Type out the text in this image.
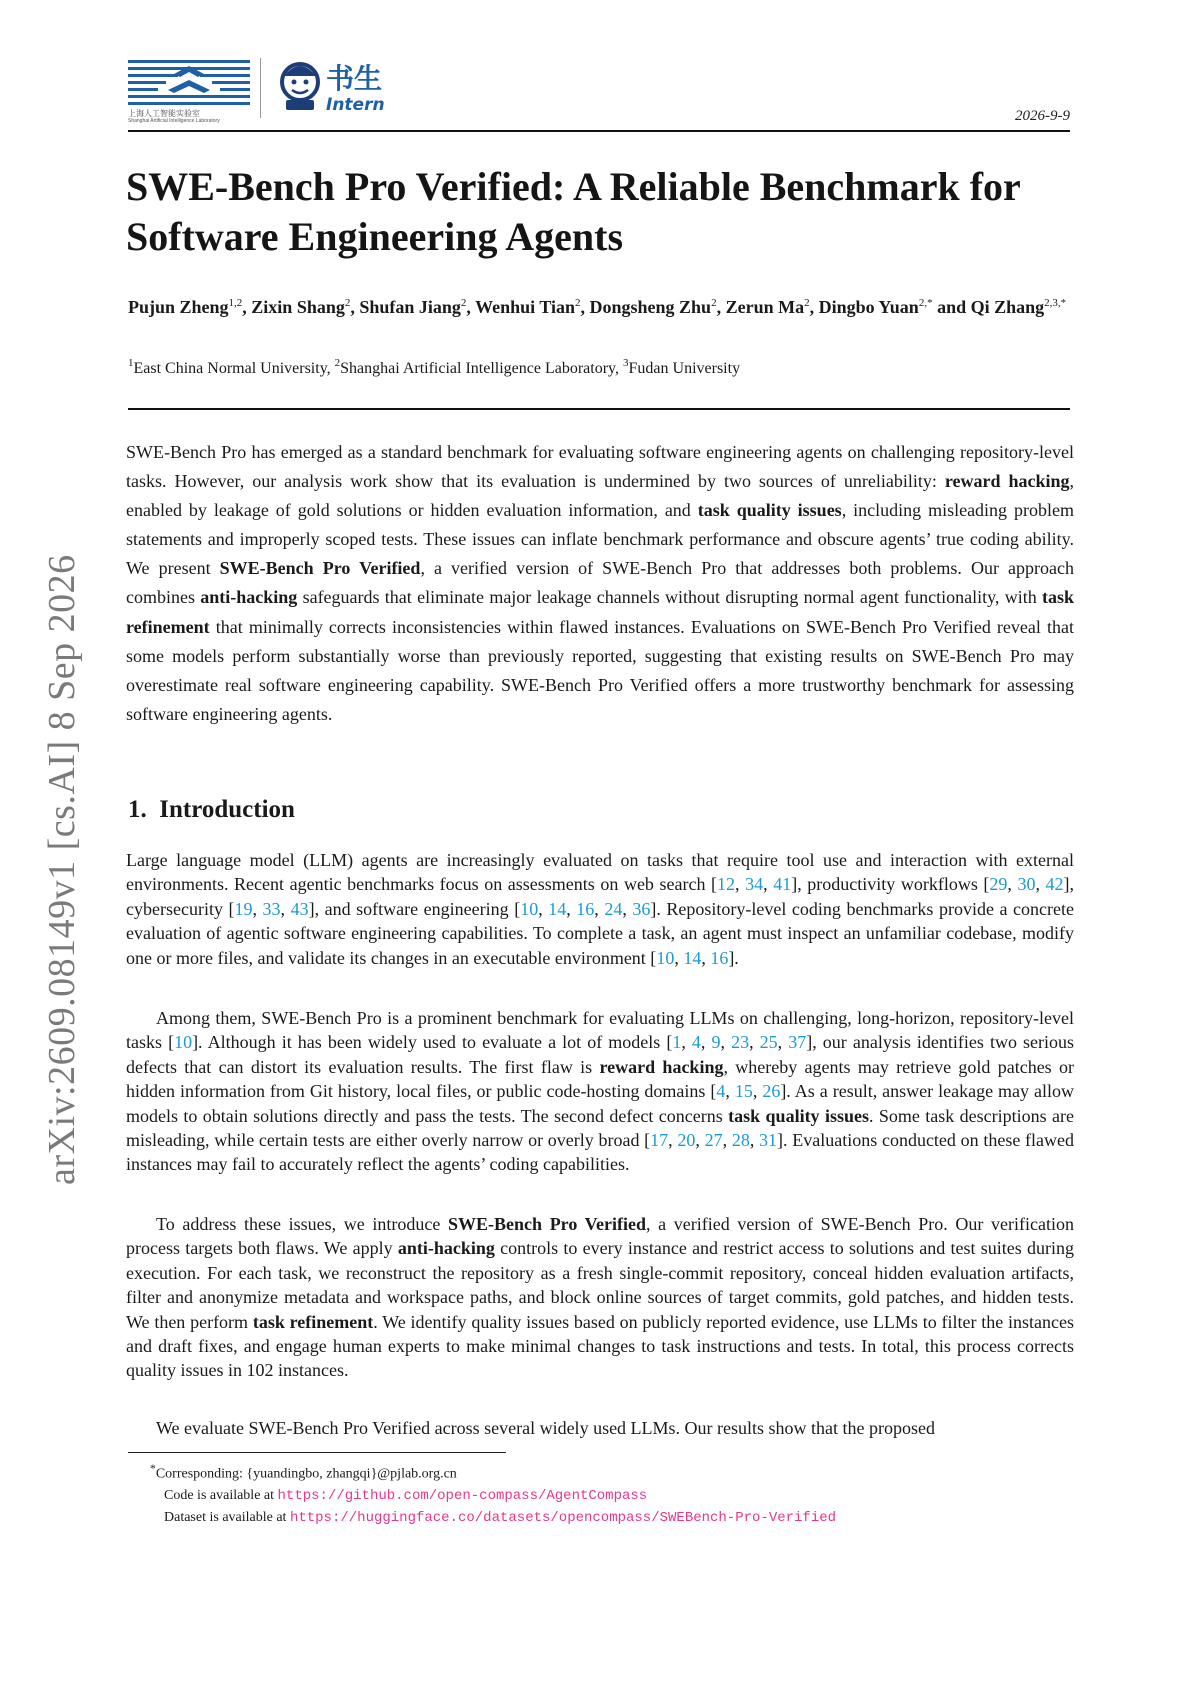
上海人工智能实验室
Shanghai Artificial Intelligence Laboratory
书生
Intern
2026-9-9
arXiv:2609.08149v1 [cs.AI] 8 Sep 2026
SWE-Bench Pro Verified: A Reliable Benchmark for Software Engineering Agents
Pujun Zheng$^{1,2}$, Zixin Shang$^2$, Shufan Jiang$^2$, Wenhui Tian$^2$, Dongsheng Zhu$^2$, Zerun Ma$^2$, Dingbo Yuan$^{2,*}$ and Qi Zhang$^{2,3,*}$
$^1$East China Normal University, $^2$Shanghai Artificial Intelligence Laboratory, $^3$Fudan University

SWE-Bench Pro has emerged as a standard benchmark for evaluating software engineering agents on challenging repository-level tasks. However, our analysis work show that its evaluation is undermined by two sources of unreliability: reward hacking, enabled by leakage of gold solutions or hidden evaluation information, and task quality issues, including misleading problem statements and improperly scoped tests. These issues can inflate benchmark performance and obscure agents’ true coding ability. We present SWE-Bench Pro Verified, a verified version of SWE-Bench Pro that addresses both problems. Our approach combines anti-hacking safeguards that eliminate major leakage channels without disrupting normal agent functionality, with task refinement that minimally corrects inconsistencies within flawed instances. Evaluations on SWE-Bench Pro Verified reveal that some models perform substantially worse than previously reported, suggesting that existing results on SWE-Bench Pro may overestimate real software engineering capability. SWE-Bench Pro Verified offers a more trustworthy benchmark for assessing software engineering agents.

1. Introduction

Large language model (LLM) agents are increasingly evaluated on tasks that require tool use and interaction with external environments. Recent agentic benchmarks focus on assessments on web search [12, 34, 41], productivity workflows [29, 30, 42], cybersecurity [19, 33, 43], and software engineering [10, 14, 16, 24, 36]. Repository-level coding benchmarks provide a concrete evaluation of agentic software engineering capabilities. To complete a task, an agent must inspect an unfamiliar codebase, modify one or more files, and validate its changes in an executable environment [10, 14, 16].

Among them, SWE-Bench Pro is a prominent benchmark for evaluating LLMs on challenging, long-horizon, repository-level tasks [10]. Although it has been widely used to evaluate a lot of models [1, 4, 9, 23, 25, 37], our analysis identifies two serious defects that can distort its evaluation results. The first flaw is reward hacking, whereby agents may retrieve gold patches or hidden information from Git history, local files, or public code-hosting domains [4, 15, 26]. As a result, answer leakage may allow models to obtain solutions directly and pass the tests. The second defect concerns task quality issues. Some task descriptions are misleading, while certain tests are either overly narrow or overly broad [17, 20, 27, 28, 31]. Evaluations conducted on these flawed instances may fail to accurately reflect the agents’ coding capabilities.

To address these issues, we introduce SWE-Bench Pro Verified, a verified version of SWE-Bench Pro. Our verification process targets both flaws. We apply anti-hacking controls to every instance and restrict access to solutions and test suites during execution. For each task, we reconstruct the repository as a fresh single-commit repository, conceal hidden evaluation artifacts, filter and anonymize metadata and workspace paths, and block online sources of target commits, gold patches, and hidden tests. We then perform task refinement. We identify quality issues based on publicly reported evidence, use LLMs to filter the instances and draft fixes, and engage human experts to make minimal changes to task instructions and tests. In total, this process corrects quality issues in 102 instances.

We evaluate SWE-Bench Pro Verified across several widely used LLMs. Our results show that the proposed

*Corresponding: {yuandingbo, zhangqi}@pjlab.org.cn
Code is available at https://github.com/open-compass/AgentCompass
Dataset is available at https://huggingface.co/datasets/opencompass/SWEBench-Pro-Verified
